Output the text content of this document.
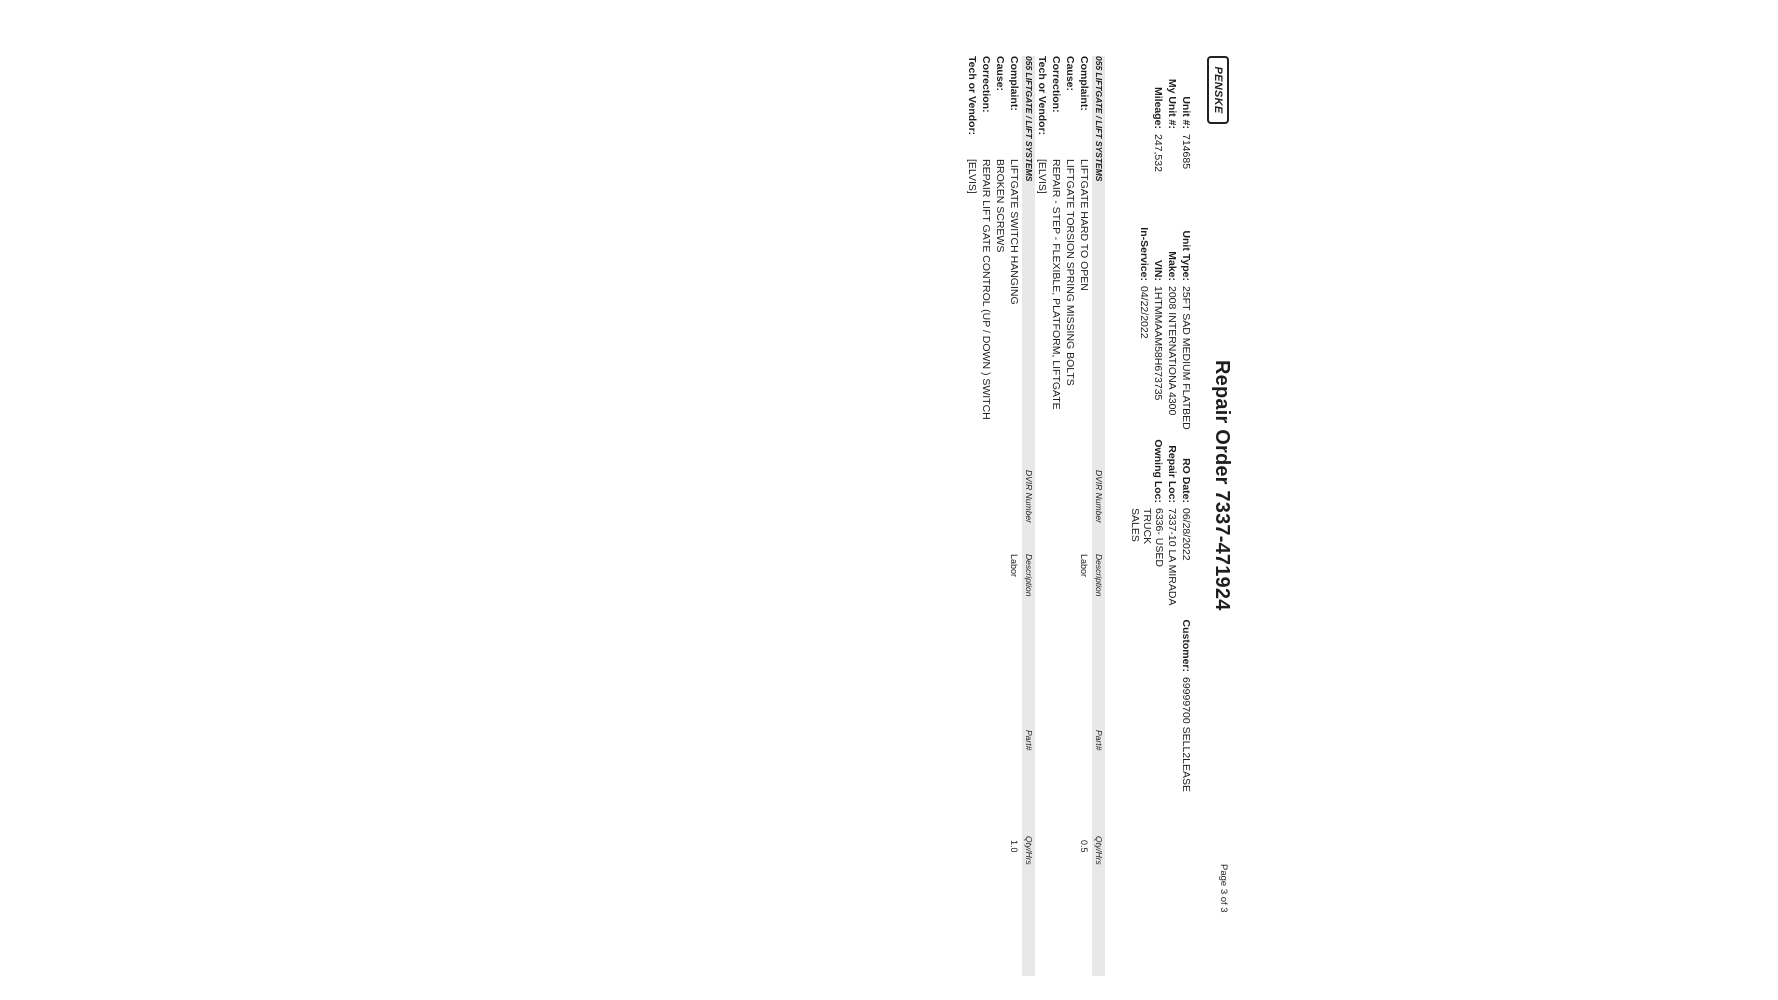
PENSKE
Repair Order 7337-471924
Page 3 of 3
Unit #:
714685
My Unit #:
Mileage:
247,532
Unit Type:
25FT SAD MEDIUM FLATBED
Make:
2008 INTERNATIONA 4300
VIN:
1HTMMAAM58H673735
In-Service:
04/22/2022
RO Date:
06/28/2022
Repair Loc:
7337-10 LA MIRADA
Owning Loc:
6336- USED TRUCK SALES
Customer:
69999700 SELL2LEASE
055 LIFTGATE / LIFT SYSTEMS
DVIR Number
Description
Part#
Qty/Hrs
Complaint:
LIFTGATE HARD TO OPEN
Cause:
LIFTGATE TORSION SPRING MISSING BOLTS
Correction:
REPAIR - STEP - FLEXIBLE, PLATFORM, LIFTGATE
Tech or Vendor:
[ELVIS]
Labor
0.5
055 LIFTGATE / LIFT SYSTEMS
DVIR Number
Description
Part#
Qty/Hrs
Complaint:
LIFTGATE SWITCH HANGING
Cause:
BROKEN SCREWS
Correction:
REPAIR LIFT GATE CONTROL (UP / DOWN ) SWITCH
Tech or Vendor:
[ELVIS]
Labor
1.0
